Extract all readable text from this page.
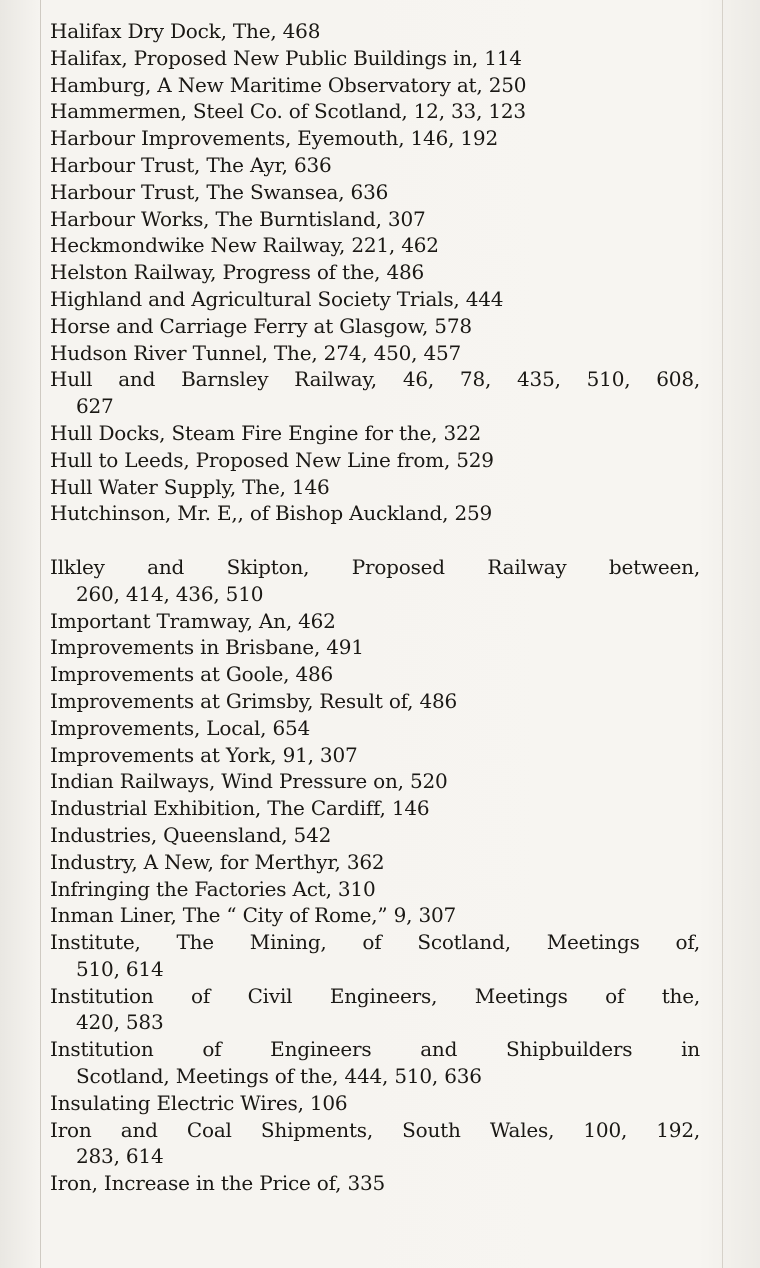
Halifax Dry Dock, The, 468
Halifax, Proposed New Public Buildings in, 114
Hamburg, A New Maritime Observatory at, 250
Hammermen, Steel Co. of Scotland, 12, 33, 123
Harbour Improvements, Eyemouth, 146, 192
Harbour Trust, The Ayr, 636
Harbour Trust, The Swansea, 636
Harbour Works, The Burntisland, 307
Heckmondwike New Railway, 221, 462
Helston Railway, Progress of the, 486
Highland and Agricultural Society Trials, 444
Horse and Carriage Ferry at Glasgow, 578
Hudson River Tunnel, The, 274, 450, 457
Hull and Barnsley Railway, 46, 78, 435, 510, 608,
627
Hull Docks, Steam Fire Engine for the, 322
Hull to Leeds, Proposed New Line from, 529
Hull Water Supply, The, 146
Hutchinson, Mr. E,, of Bishop Auckland, 259
Ilkley and Skipton, Proposed Railway between,
260, 414, 436, 510
Important Tramway, An, 462
Improvements in Brisbane, 491
Improvements at Goole, 486
Improvements at Grimsby, Result of, 486
Improvements, Local, 654
Improvements at York, 91, 307
Indian Railways, Wind Pressure on, 520
Industrial Exhibition, The Cardiff, 146
Industries, Queensland, 542
Industry, A New, for Merthyr, 362
Infringing the Factories Act, 310
Inman Liner, The “ City of Rome,” 9, 307
Institute, The Mining, of Scotland, Meetings of,
510, 614
Institution of Civil Engineers, Meetings of the,
420, 583
Institution of Engineers and Shipbuilders in
Scotland, Meetings of the, 444, 510, 636
Insulating Electric Wires, 106
Iron and Coal Shipments, South Wales, 100, 192,
283, 614
Iron, Increase in the Price of, 335
